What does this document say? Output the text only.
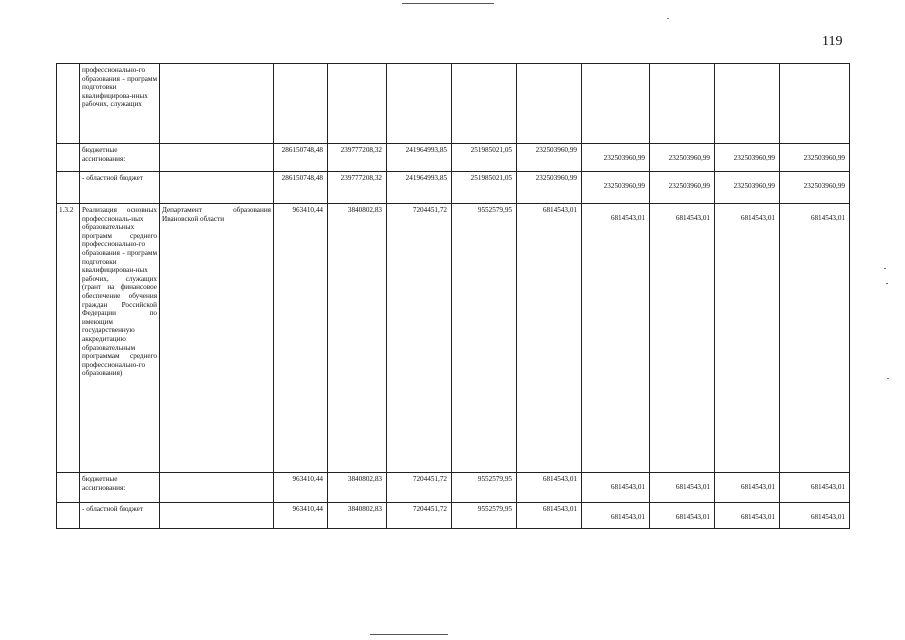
119
	профессионально-го образования - программ подготовки квалифицирова-нных рабочих, служащих										
	бюджетные ассигнования:		286150748,48	239777208,32	241964993,85	251985021,05	232503960,99	232503960,99	232503960,99	232503960,99	232503960,99
	- областной бюджет		286150748,48	239777208,32	241964993,85	251985021,05	232503960,99	232503960,99	232503960,99	232503960,99	232503960,99
1.3.2	Реализация основных профессиональ-ных образовательных программ среднего профессионально-го образования - программ подготовки квалифицирован-ных рабочих, служащих (грант на финансовое обеспечение обучения граждан Российской Федерации по имеющим государственную аккредитацию образовательным программам среднего профессионально-го образования)	Департамент образования Ивановской области	963410,44	3840802,83	7204451,72	9552579,95	6814543,01	6814543,01	6814543,01	6814543,01	6814543,01
	бюджетные ассигнования:		963410,44	3840802,83	7204451,72	9552579,95	6814543,01	6814543,01	6814543,01	6814543,01	6814543,01
	- областной бюджет		963410,44	3840802,83	7204451,72	9552579,95	6814543,01	6814543,01	6814543,01	6814543,01	6814543,01
